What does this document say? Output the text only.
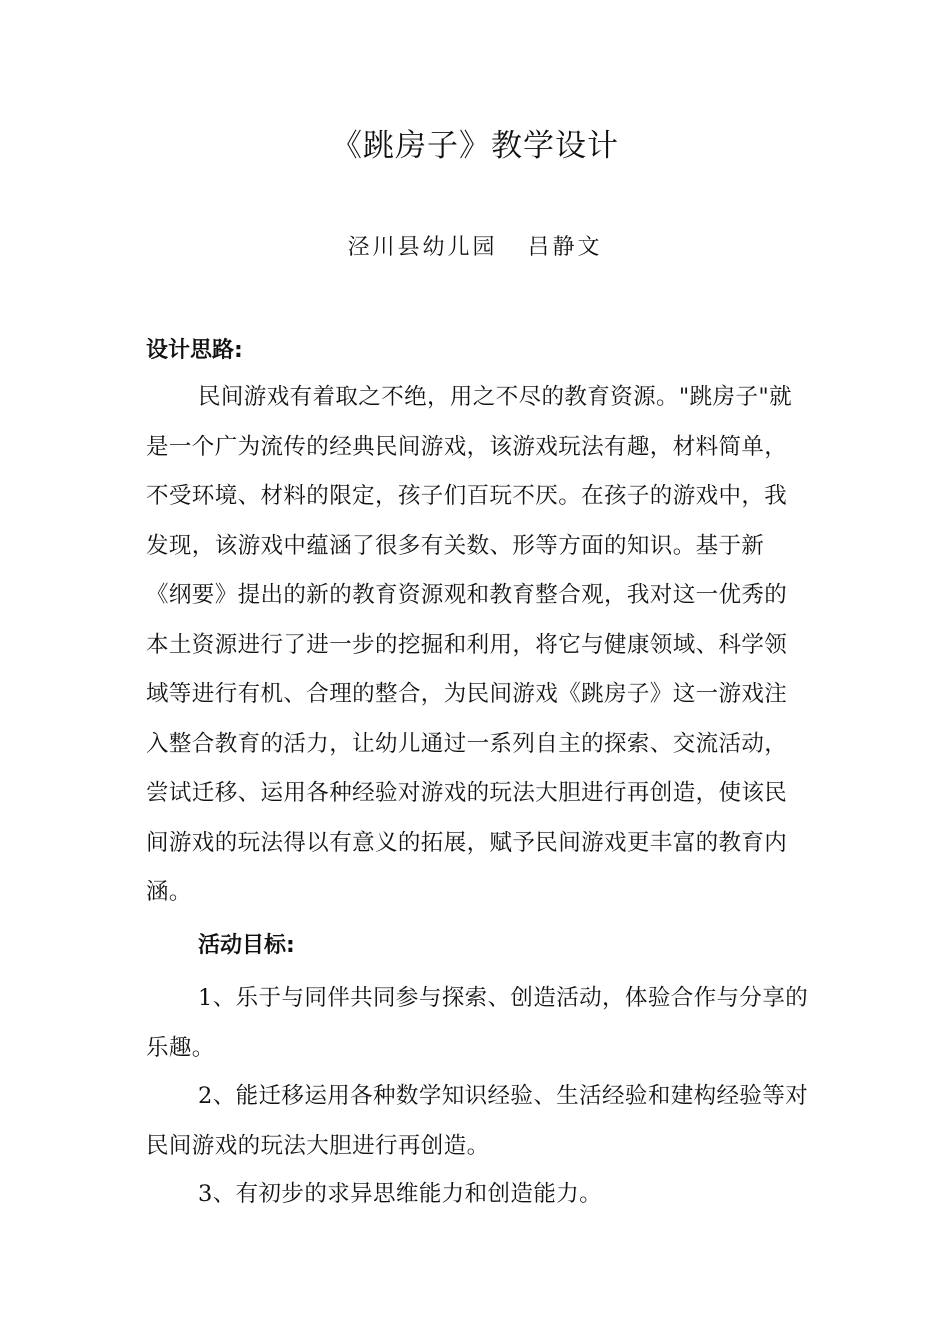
《跳房子》教学设计
泾川县幼儿园 吕静文
设计思路:

民间游戏有着取之不绝，用之不尽的教育资源。"跳房子"就是一个广为流传的经典民间游戏，该游戏玩法有趣，材料简单，不受环境、材料的限定，孩子们百玩不厌。在孩子的游戏中，我发现，该游戏中蕴涵了很多有关数、形等方面的知识。基于新《纲要》提出的新的教育资源观和教育整合观，我对这一优秀的本土资源进行了进一步的挖掘和利用，将它与健康领域、科学领域等进行有机、合理的整合，为民间游戏《跳房子》这一游戏注入整合教育的活力，让幼儿通过一系列自主的探索、交流活动，尝试迁移、运用各种经验对游戏的玩法大胆进行再创造，使该民间游戏的玩法得以有意义的拓展，赋予民间游戏更丰富的教育内涵。

活动目标:

1、乐于与同伴共同参与探索、创造活动，体验合作与分享的乐趣。

2、能迁移运用各种数学知识经验、生活经验和建构经验等对民间游戏的玩法大胆进行再创造。

3、有初步的求异思维能力和创造能力。
